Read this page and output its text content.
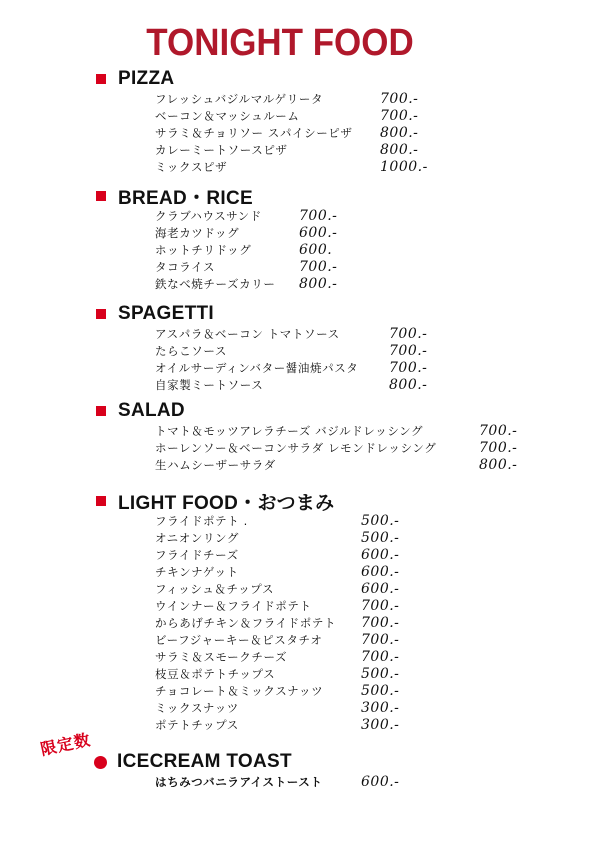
TONIGHT FOOD
PIZZA
フレッシュバジルマルゲリータ	700.-
ベーコン＆マッシュルーム	700.-
サラミ＆チョリソー スパイシーピザ	800.-
カレーミートソースピザ	800.-
ミックスピザ	1000.-
BREAD・RICE
クラブハウスサンド	700.-
海老カツドッグ	600.-
ホットチリドッグ	600.
タコライス	700.-
鉄なべ焼チーズカリー	800.-
SPAGETTI
アスパラ＆ベーコン トマトソース	700.-
たらこソース	700.-
オイルサーディンバター醤油焼パスタ	700.-
自家製ミートソース	800.-
SALAD
トマト＆モッツアレラチーズ バジルドレッシング	700.-
ホーレンソー＆ベーコンサラダ レモンドレッシング	700.-
生ハムシーザーサラダ	800.-
LIGHT FOOD・おつまみ
フライドポテト .	500.-
オニオンリング	500.-
フライドチーズ	600.-
チキンナゲット	600.-
フィッシュ＆チップス	600.-
ウインナー＆フライドポテト	700.-
からあげチキン＆フライドポテト	700.-
ビーフジャーキー＆ピスタチオ	700.-
サラミ＆スモークチーズ	700.-
枝豆＆ポテトチップス	500.-
チョコレート＆ミックスナッツ	500.-
ミックスナッツ	300.-
ポテトチップス	300.-
限定数
ICECREAM TOAST
はちみつバニラアイストースト	600.-
